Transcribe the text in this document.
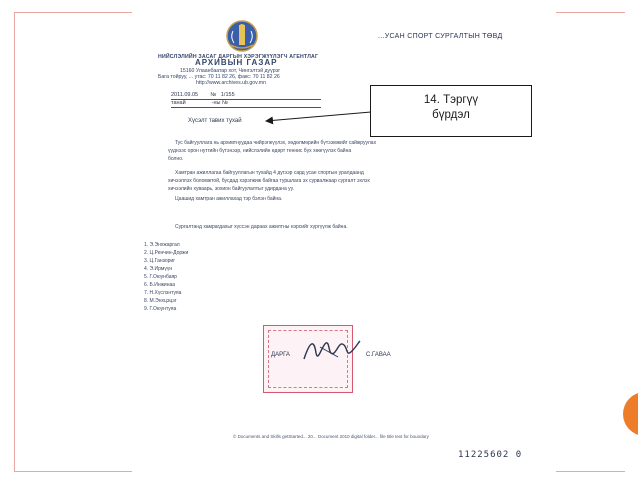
НИЙСЛЭЛИЙН ЗАСАГ ДАРГЫН ХЭРЭГЖҮҮЛЭГЧ АГЕНТЛАГ
АРХИВЫН ГАЗАР
15160 Улаанбаатар хот, Чингэлтэй дүүрэг
Бага тойруу, ... утас: 70 11 82 26, факс: 70 11 82 26
http://www.archives.ub.gov.mn
...УСАН СПОРТ СУРГАЛТЫН ТӨВД
2011.09.05 № 1/155
танай	-ны №
Хүсэлт тавих тухай
Тус байгууллага нь архивтнуудаа чийрэгжүүлэх, хөдөлмөрийн бүтээмжийг сайжруулах
үүднээс орон нутгийн бүтэнээр, нийслэлийн өдөрт теннис бүх хөөгүүлэх байна
болно.
Хамтран ажиллагаа байгууллагын тухайд 4 дүгээр сард усан спортын уралдаанд
хичээллэх боломжтой, бусдад хэрэгжиж байгаа туршлага эх сурвалжаар сургалт эхлэх
хичээлийн хуваарь, зохион байгуулалтыг удирдана уу.
Цаашид хамтран ажиллахад тэр бэлэн байна.
Сургалтанд хамрагдахыг хүссэн дараах ажилтны нэрсийг хүргүүлж байна.
1. Э.Энхжаргал
2. Ц.Ренчин-Доржи
3. Ц.Ганзориг
4. Э.Ирмүүн
5. Г.Оюунбаяр
6. Б.Инжинаа
7. Н.Хүслэнтуяа
8. М.Энхцэцэг
9. Г.Оюунтуяа
ДАРГА	С.ГАВАА
© Documents and Skills getStarted... 20... Document 2010 digital folder... file title text for boundary
11225602 0
14. Тэргүү
бүрдэл
